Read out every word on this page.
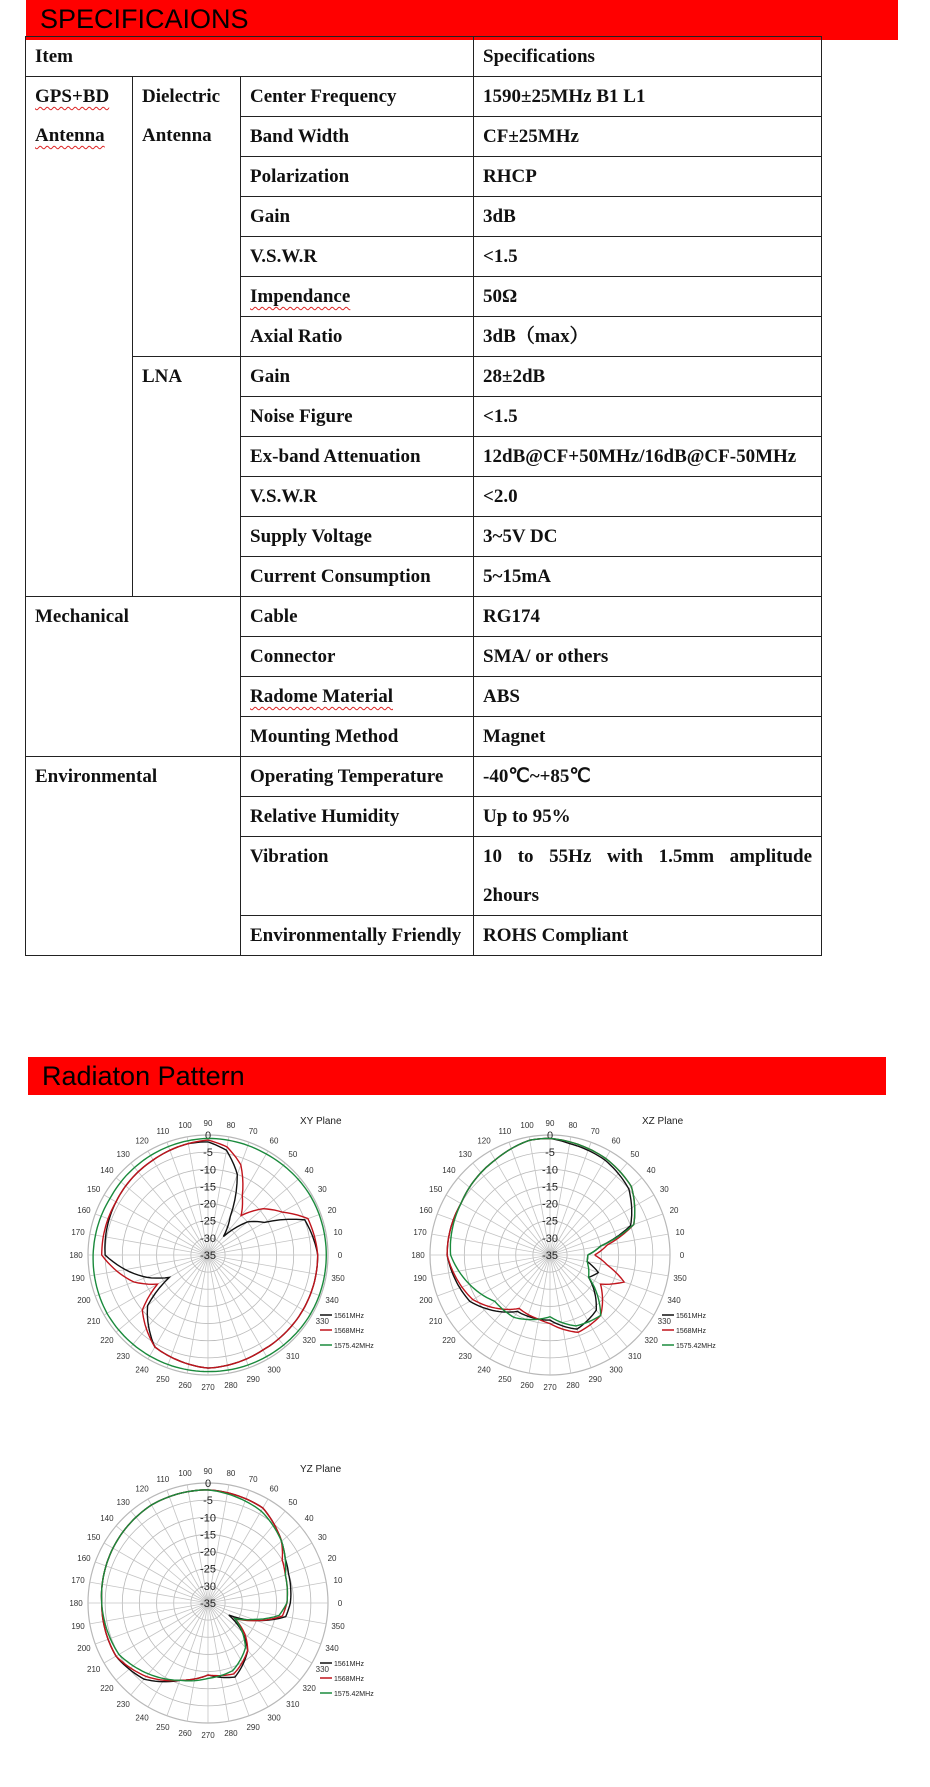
SPECIFICAIONS
Item			Specifications
GPS+BD Antenna	Dielectric Antenna	Center Frequency	1590±25MHz B1 L1
		Band Width	CF±25MHz
		Polarization	RHCP
		Gain	3dB
		V.S.W.R	<1.5
		Impendance	50Ω
		Axial Ratio	3dB（max）
	LNA	Gain	28±2dB
		Noise Figure	<1.5
		Ex-band Attenuation	12dB@CF+50MHz/16dB@CF-50MHz
		V.S.W.R	<2.0
		Supply Voltage	3~5V DC
		Current Consumption	5~15mA
Mechanical		Cable	RG174
		Connector	SMA/ or others
		Radome Material	ABS
		Mounting Method	Magnet
Environmental		Operating Temperature	-40℃~+85℃
		Relative Humidity	Up to 95%
		Vibration	10 to 55Hz with 1.5mm amplitude 2hours
		Environmentally Friendly	ROHS Compliant
Radiaton Pattern
0
10
20
30
40
50
60
70
80
90
100
110
120
130
140
150
160
170
180
190
200
210
220
230
240
250
260 270 280
290
300
310
320
330
340
350
0
-5
-10
-15
-20
-25
-30
-35
XY Plane
1561MHz
1568MHz
1575.42MHz
0
10
20
30
40
50
60
70
80
90
100
110
120
130
140
150
160
170
180
190
200
210
220
230
240
250
260 270 280
290
300
310
320
330
340
350
0
-5
-10
-15
-20
-25
-30
-35
XZ Plane
1561MHz
1568MHz
1575.42MHz
0
10
20
30
40
50
60
70
80
90
100
110
120
130
140
150
160
170
180
190
200
210
220
230
240
250
260 270 280
290
300
310
320
330
340
350
0
-5
-10
-15
-20
-25
-30
-35
YZ Plane
1561MHz
1568MHz
1575.42MHz
